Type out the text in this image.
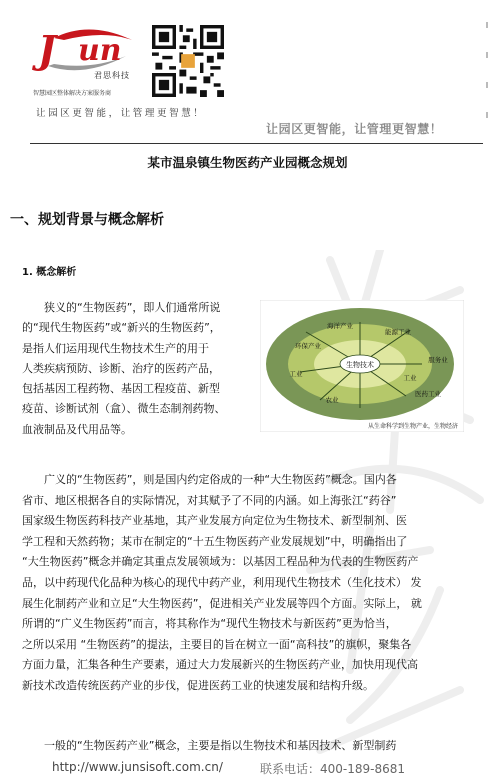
J un
君思科技
智慧园区整体解决方案服务商
让园区更智能，让管理更智慧！
让园区更智能，让管理更智慧！
某市温泉镇生物医药产业园概念规划
一、规划背景与概念解析
1. 概念解析
狭义的“生物医药”，即人们通常所说
的“现代生物医药”或“新兴的生物医药”，
是指人们运用现代生物技术生产的用于
人类疾病预防、诊断、治疗的医药产品，
包括基因工程药物、基因工程疫苗、新型
疫苗、诊断试剂（盒）、微生态制剂药物、
血液制品及代用品等。
生物技术
海洋产业
能源工业
环保产业
工业
服务业
工业
农业
医药工业
从生命科学到生物产业，生物经济
广义的“生物医药”，则是国内约定俗成的一种“大生物医药”概念。国内各
省市、地区根据各自的实际情况，对其赋予了不同的内涵。如上海张江“药谷”
国家级生物医药科技产业基地，其产业发展方向定位为生物技术、新型制剂、医
学工程和天然药物；某市在制定的“十五生物医药产业发展规划”中，明确指出了
“大生物医药”概念并确定其重点发展领域为：以基因工程品种为代表的生物医药产
品，以中药现代化品种为核心的现代中药产业，利用现代生物技术（生化技术） 发
展生化制药产业和立足“大生物医药”，促进相关产业发展等四个方面。实际上， 就
所谓的“广义生物医药”而言，将其称作为“现代生物技术与新医药”更为恰当，
之所以采用 “生物医药”的提法，主要目的旨在树立一面“高科技”的旗帜，聚集各
方面力量，汇集各种生产要素，通过大力发展新兴的生物医药产业，加快用现代高
新技术改造传统医药产业的步伐，促进医药工业的快速发展和结构升级。
一般的“生物医药产业”概念，主要是指以生物技术和基因技术、新型制药
http://www.junsisoft.com.cn/	联系电话：400-189-8681
